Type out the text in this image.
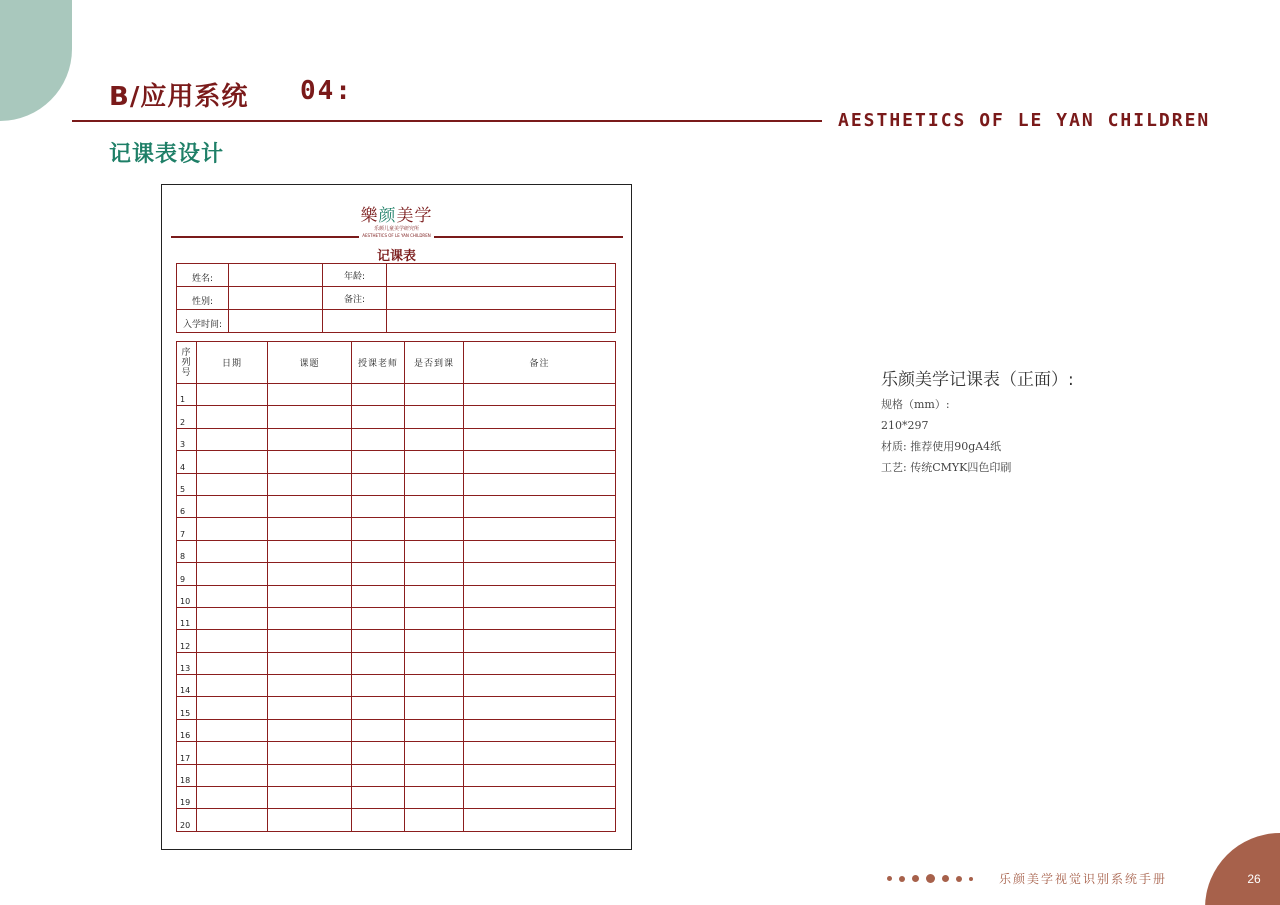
B/应用系统 04:
AESTHETICS OF LE YAN CHILDREN
记课表设计
樂颜美学
乐颜儿童美学研究所
AESTHETICS OF LE YAN CHILDREN
记课表
姓名:		年龄:	
性别:		备注:	
入学时间:			
序列号	日期	课题	授课老师	是否到课	备注
1					
2					
3					
4					
5					
6					
7					
8					
9					
10					
11					
12					
13					
14					
15					
16					
17					
18					
19					
20					
乐颜美学记课表（正面）:
规格（mm）:
210*297
材质: 推荐使用90gA4纸
工艺: 传统CMYK四色印刷
乐颜美学视觉识别系统手册	26
